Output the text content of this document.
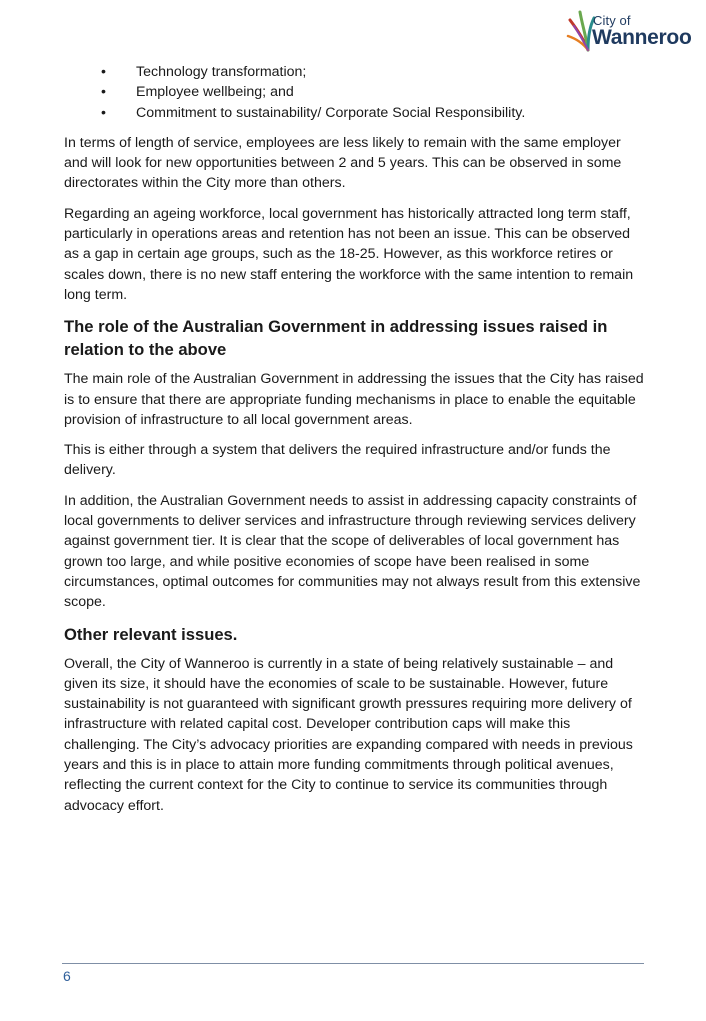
City of
Wanneroo
• Technology transformation;
• Employee wellbeing; and
• Commitment to sustainability/ Corporate Social Responsibility.

In terms of length of service, employees are less likely to remain with the same employer and will look for new opportunities between 2 and 5 years. This can be observed in some directorates within the City more than others.

Regarding an ageing workforce, local government has historically attracted long term staff, particularly in operations areas and retention has not been an issue. This can be observed as a gap in certain age groups, such as the 18-25. However, as this workforce retires or scales down, there is no new staff entering the workforce with the same intention to remain long term.

The role of the Australian Government in addressing issues raised in relation to the above

The main role of the Australian Government in addressing the issues that the City has raised is to ensure that there are appropriate funding mechanisms in place to enable the equitable provision of infrastructure to all local government areas.

This is either through a system that delivers the required infrastructure and/or funds the delivery.

In addition, the Australian Government needs to assist in addressing capacity constraints of local governments to deliver services and infrastructure through reviewing services delivery against government tier. It is clear that the scope of deliverables of local government has grown too large, and while positive economies of scope have been realised in some circumstances, optimal outcomes for communities may not always result from this extensive scope.

Other relevant issues.

Overall, the City of Wanneroo is currently in a state of being relatively sustainable – and given its size, it should have the economies of scale to be sustainable. However, future sustainability is not guaranteed with significant growth pressures requiring more delivery of infrastructure with related capital cost. Developer contribution caps will make this challenging. The City’s advocacy priorities are expanding compared with needs in previous years and this is in place to attain more funding commitments through political avenues, reflecting the current context for the City to continue to service its communities through advocacy effort.

6
